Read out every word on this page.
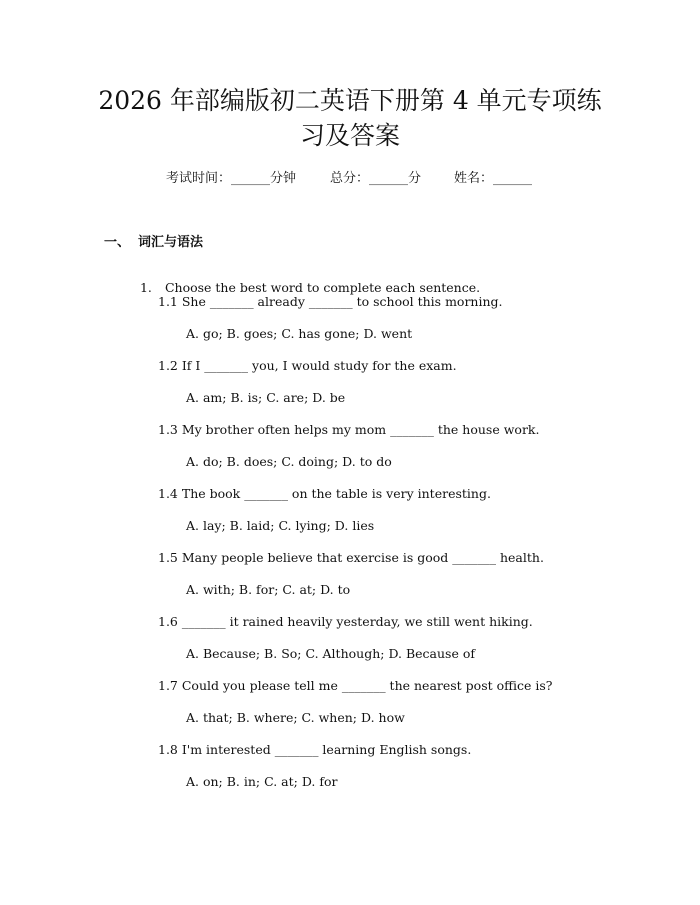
2026 年部编版初二英语下册第 4 单元专项练
习及答案
考试时间：______分钟	总分：______分	姓名：______
一、 词汇与语法

1. Choose the best word to complete each sentence.

1.1 She _______ already _______ to school this morning.
A. go; B. goes; C. has gone; D. went
1.2 If I _______ you, I would study for the exam.
A. am; B. is; C. are; D. be
1.3 My brother often helps my mom _______ the house work.
A. do; B. does; C. doing; D. to do
1.4 The book _______ on the table is very interesting.
A. lay; B. laid; C. lying; D. lies
1.5 Many people believe that exercise is good _______ health.
A. with; B. for; C. at; D. to
1.6 _______ it rained heavily yesterday, we still went hiking.
A. Because; B. So; C. Although; D. Because of
1.7 Could you please tell me _______ the nearest post office is?
A. that; B. where; C. when; D. how
1.8 I'm interested _______ learning English songs.
A. on; B. in; C. at; D. for
